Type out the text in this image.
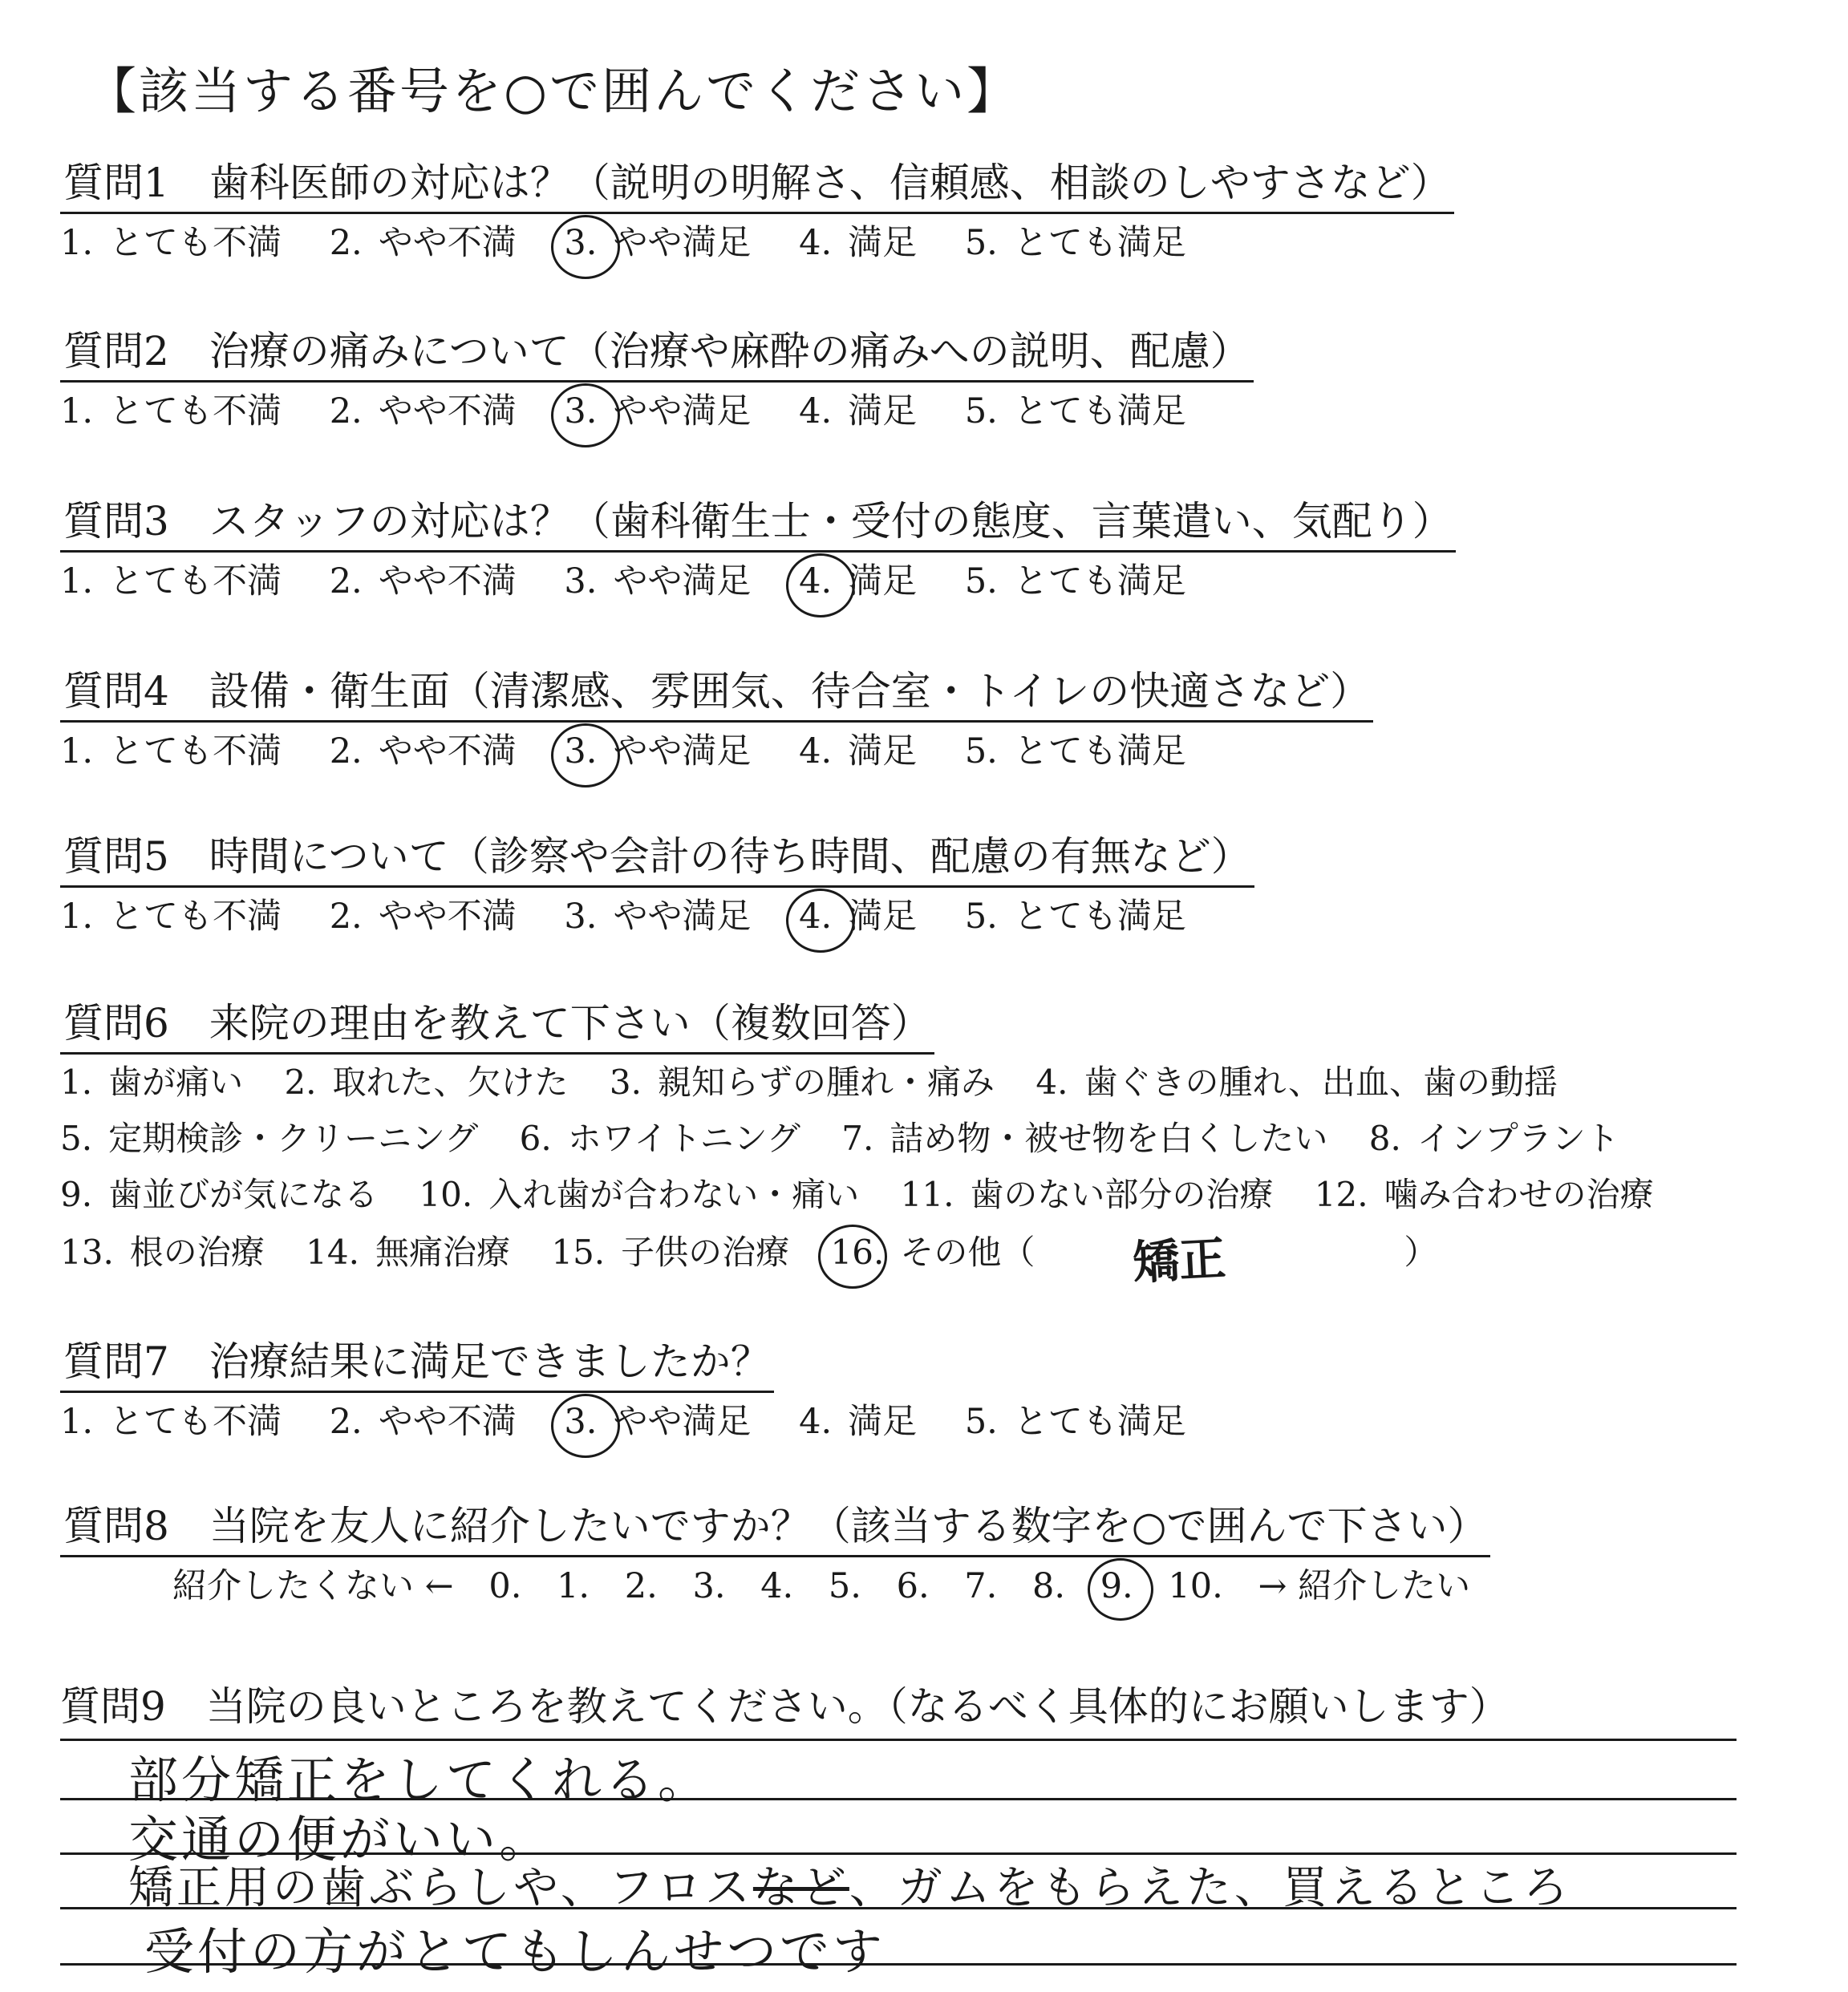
【該当する番号を○で囲んでください】
質問1　歯科医師の対応は？（説明の明解さ、信頼感、相談のしやすさなど）
1. とても不満 2. やや不満 3. やや満足 4. 満足 5. とても満足
質問2　治療の痛みについて（治療や麻酔の痛みへの説明、配慮）
1. とても不満 2. やや不満 3. やや満足 4. 満足 5. とても満足
質問3　スタッフの対応は？（歯科衛生士・受付の態度、言葉遣い、気配り）
1. とても不満 2. やや不満 3. やや満足 4. 満足 5. とても満足
質問4　設備・衛生面（清潔感、雰囲気、待合室・トイレの快適さなど）
1. とても不満 2. やや不満 3. やや満足 4. 満足 5. とても満足
質問5　時間について（診察や会計の待ち時間、配慮の有無など）
1. とても不満 2. やや不満 3. やや満足 4. 満足 5. とても満足
質問6　来院の理由を教えて下さい（複数回答）
1. 歯が痛い 2. 取れた、欠けた 3. 親知らずの腫れ・痛み 4. 歯ぐきの腫れ、出血、歯の動揺
5. 定期検診・クリーニング 6. ホワイトニング 7. 詰め物・被せ物を白くしたい 8. インプラント
9. 歯並びが気になる 10. 入れ歯が合わない・痛い 11. 歯のない部分の治療 12. 噛み合わせの治療
13. 根の治療 14. 無痛治療 15. 子供の治療 16. その他（	）
矯正
質問7　治療結果に満足できましたか？
1. とても不満 2. やや不満 3. やや満足 4. 満足 5. とても満足
質問8　当院を友人に紹介したいですか？（該当する数字を○で囲んで下さい）
紹介したくない ← 0. 1. 2. 3. 4. 5. 6. 7. 8. 9. 10. → 紹介したい
質問9　当院の良いところを教えてください。（なるべく具体的にお願いします）
部分矯正をしてくれる。
交通の便がいい。
矯正用の歯ぶらしや、フロスなど、ガムをもらえた、買えるところ
受付の方がとてもしんせつです
